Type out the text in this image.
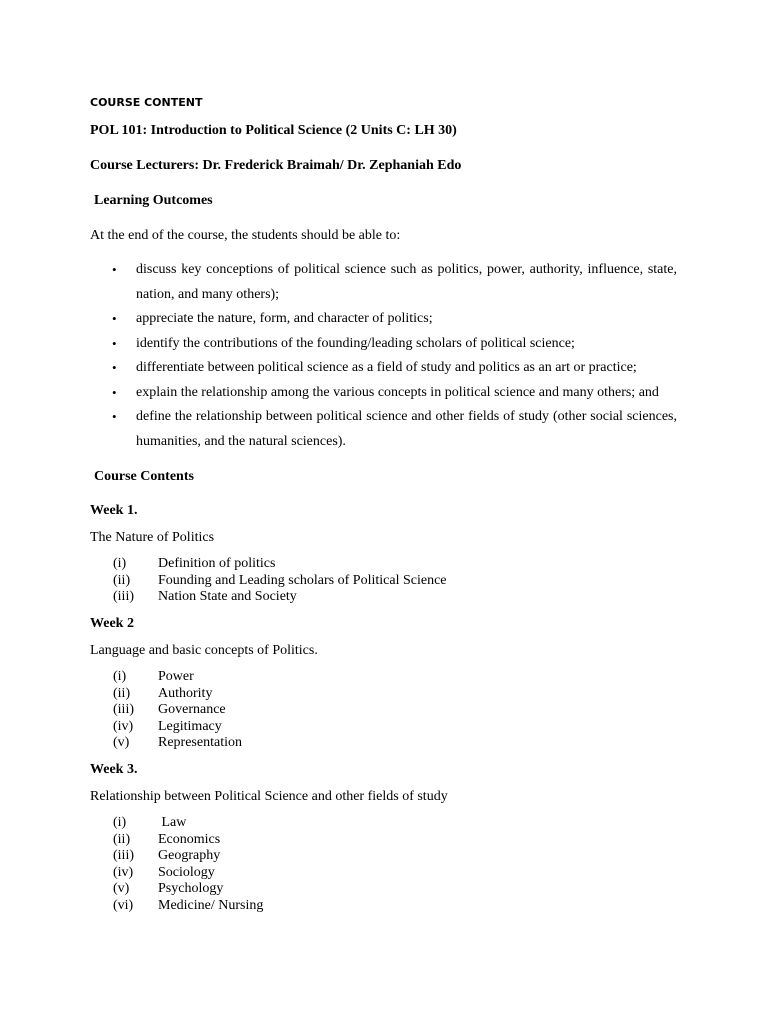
COURSE CONTENT
POL 101: Introduction to Political Science (2 Units C: LH 30)
Course Lecturers: Dr. Frederick Braimah/ Dr. Zephaniah Edo
Learning Outcomes
At the end of the course, the students should be able to:
• discuss key conceptions of political science such as politics, power, authority, influence, state, nation, and many others);
• appreciate the nature, form, and character of politics;
• identify the contributions of the founding/leading scholars of political science;
• differentiate between political science as a field of study and politics as an art or practice;
• explain the relationship among the various concepts in political science and many others; and
• define the relationship between political science and other fields of study (other social sciences, humanities, and the natural sciences).
Course Contents
Week 1.
The Nature of Politics
(i)	Definition of politics
(ii)	Founding and Leading scholars of Political Science
(iii)	Nation State and Society
Week 2
Language and basic concepts of Politics.
(i)	Power
(ii)	Authority
(iii)	Governance
(iv)	Legitimacy
(v)	Representation
Week 3.
Relationship between Political Science and other fields of study
(i)	Law
(ii)	Economics
(iii)	Geography
(iv)	Sociology
(v)	Psychology
(vi)	Medicine/ Nursing
